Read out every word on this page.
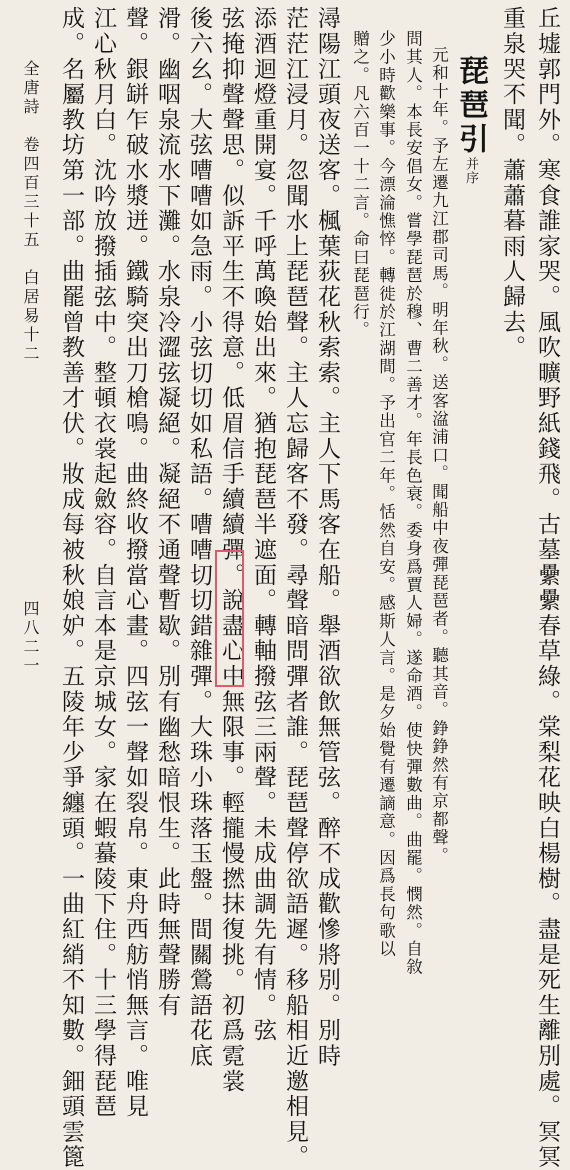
丘墟郭門外。寒食誰家哭。風吹曠野紙錢飛。古墓纍纍春草綠。棠梨花映白楊樹。盡是死生離別處。冥冥
重泉哭不聞。蕭蕭暮雨人歸去。
琵琶引并序
元和十年。予左遷九江郡司馬。明年秋。送客湓浦口。聞船中夜彈琵琶者。聽其音。錚錚然有京都聲。
問其人。本長安倡女。嘗學琵琶於穆、曹二善才。年長色衰。委身爲賈人婦。遂命酒。使快彈數曲。曲罷。憫然。自敘
少小時歡樂事。今漂淪憔悴。轉徙於江湖間。予出官二年。恬然自安。感斯人言。是夕始覺有遷謫意。因爲長句歌以
贈之。凡六百一十二言。命曰琵琶行。
潯陽江頭夜送客。楓葉荻花秋索索。主人下馬客在船。舉酒欲飲無管弦。醉不成歡慘將別。別時
茫茫江浸月。忽聞水上琵琶聲。主人忘歸客不發。尋聲暗問彈者誰。琵琶聲停欲語遲。移船相近邀相見。
添酒迴燈重開宴。千呼萬喚始出來。猶抱琵琶半遮面。轉軸撥弦三兩聲。未成曲調先有情。弦
弦掩抑聲聲思。似訴平生不得意。低眉信手續續彈。說盡心中無限事。輕攏慢撚抹復挑。初爲霓裳
後六幺。大弦嘈嘈如急雨。小弦切切如私語。嘈嘈切切錯雜彈。大珠小珠落玉盤。間關鶯語花底
滑。幽咽泉流水下灘。水泉冷澀弦凝絕。凝絕不通聲暫歇。別有幽愁暗恨生。此時無聲勝有
聲。銀缾乍破水漿迸。鐵騎突出刀槍鳴。曲終收撥當心畫。四弦一聲如裂帛。東舟西舫悄無言。唯見
江心秋月白。沈吟放撥插弦中。整頓衣裳起斂容。自言本是京城女。家在蝦蟇陵下住。十三學得琵琶
成。名屬教坊第一部。曲罷曾教善才伏。妝成每被秋娘妒。五陵年少爭纏頭。一曲紅綃不知數。鈿頭雲篦
全唐詩　卷四百三十五　白居易十二
四八二一
